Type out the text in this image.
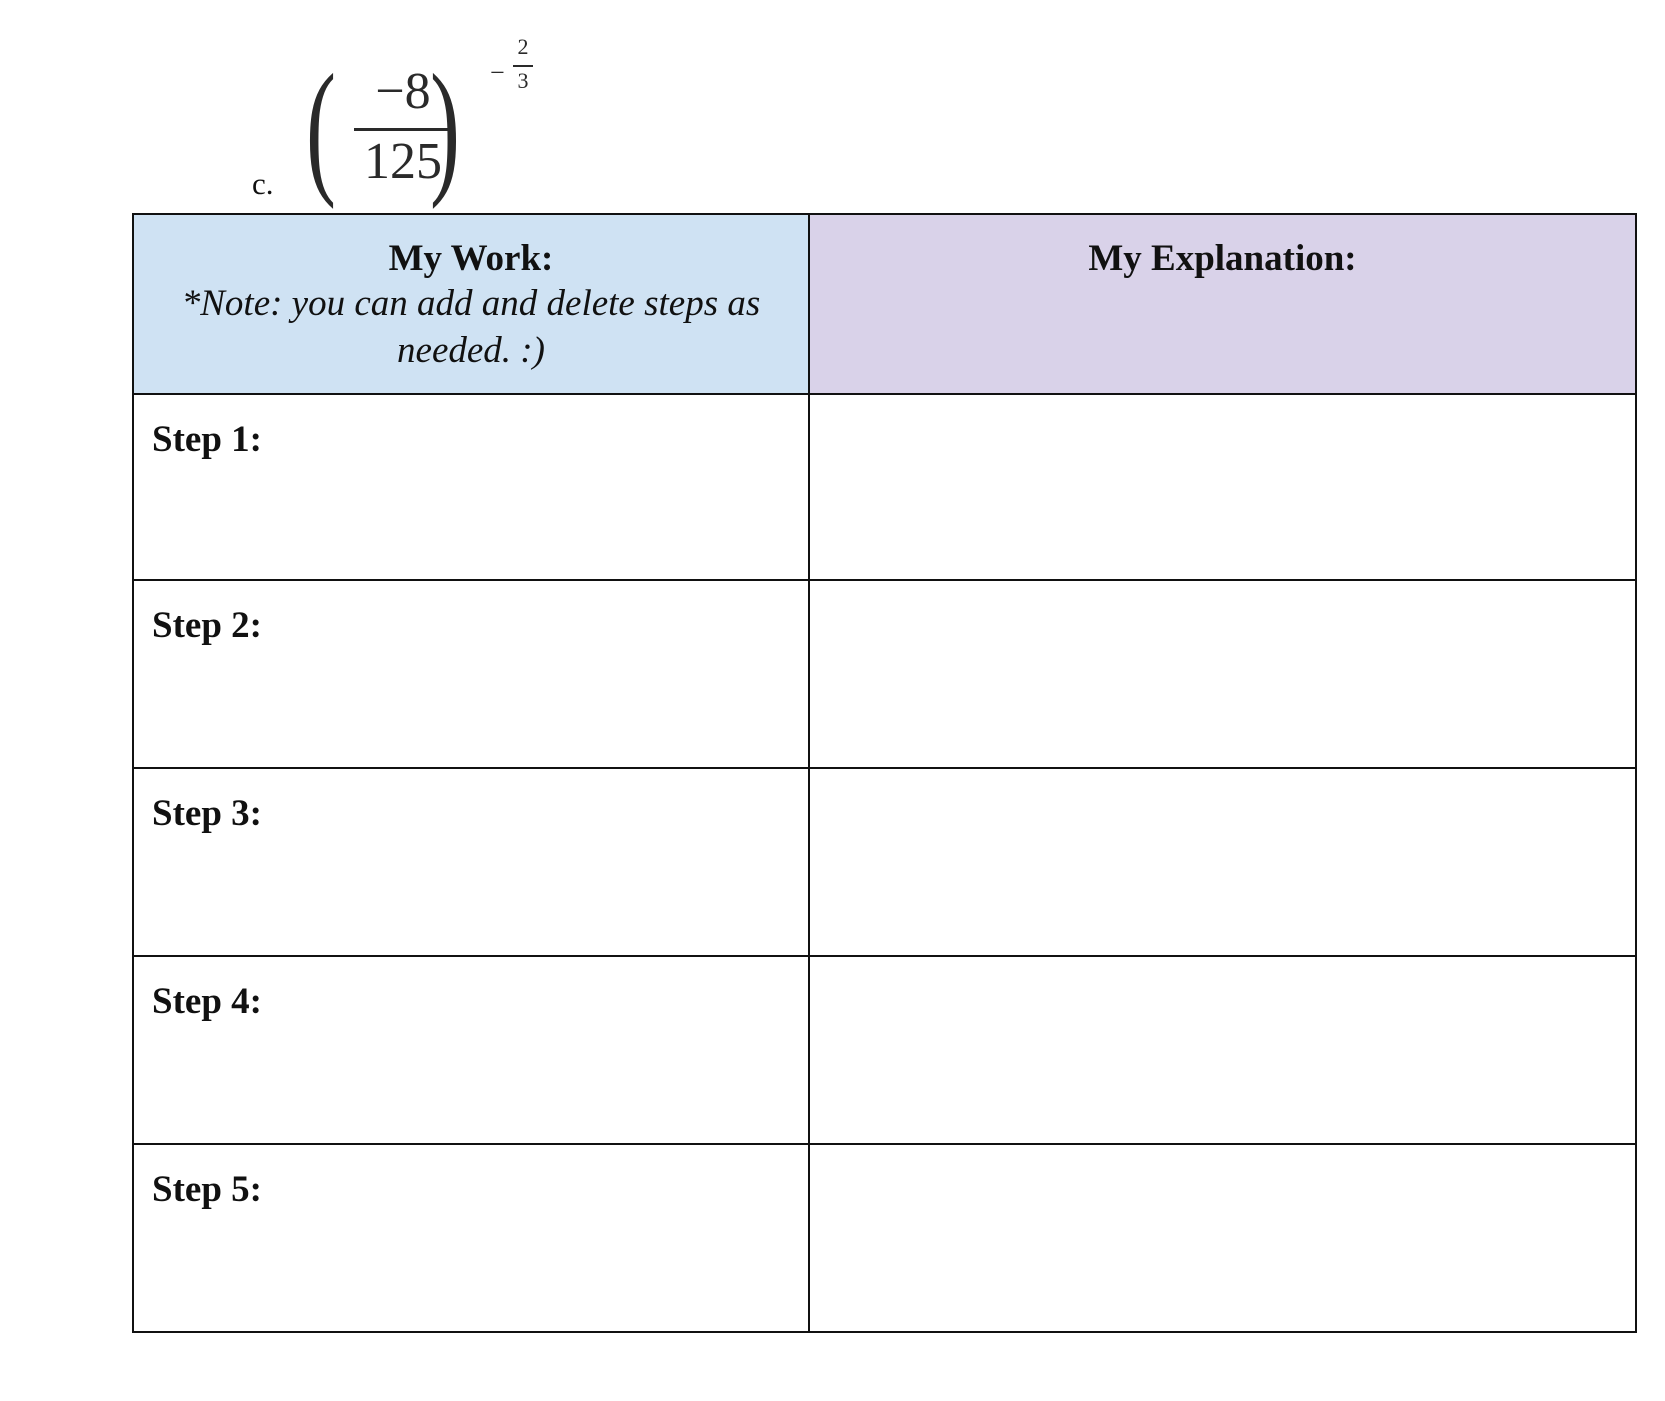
c. ( −8
125
) −
2
3
My Work:
*Note: you can add and delete steps as needed. :)	My Explanation:

Step 1:	

Step 2:	

Step 3:	

Step 4:	

Step 5:	
